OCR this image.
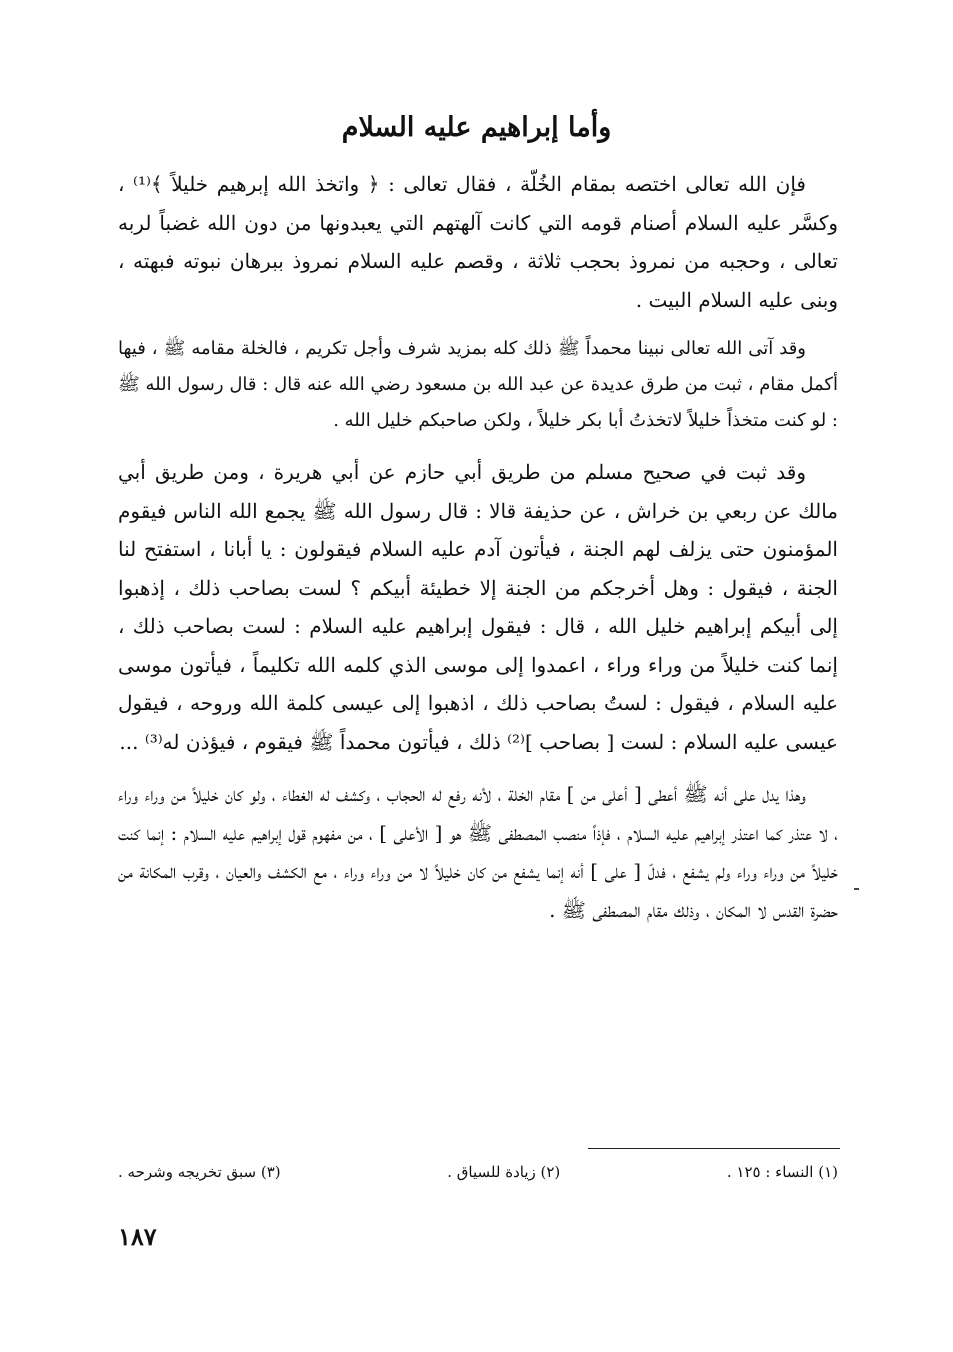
وأما إبراهيم عليه السلام

فإن الله تعالى اختصه بمقام الخُلّة ، فقال تعالى : ﴿ واتخذ الله إبرهيم خليلاً ﴾⁽¹⁾ ، وكسَّر عليه السلام أصنام قومه التي كانت آلهتهم التي يعبدونها من دون الله غضباً لربه تعالى ، وحجبه من نمروذ بحجب ثلاثة ، وقصم عليه السلام نمروذ ببرهان نبوته فبهته ، وبنى عليه السلام البيت .

وقد آتى الله تعالى نبينا محمداً ﷺ ذلك كله بمزيد شرف وأجل تكريم ، فالخلة مقامه ﷺ ، فيها أكمل مقام ، ثبت من طرق عديدة عن عبد الله بن مسعود رضي الله عنه قال : قال رسول الله ﷺ : لو كنت متخذاً خليلاً لاتخذتُ أبا بكر خليلاً ، ولكن صاحبكم خليل الله .

وقد ثبت في صحيح مسلم من طريق أبي حازم عن أبي هريرة ، ومن طريق أبي مالك عن ربعي بن خراش ، عن حذيفة قالا : قال رسول الله ﷺ يجمع الله الناس فيقوم المؤمنون حتى يزلف لهم الجنة ، فيأتون آدم عليه السلام فيقولون : يا أبانا ، استفتح لنا الجنة ، فيقول : وهل أخرجكم من الجنة إلا خطيئة أبيكم ؟ لست بصاحب ذلك ، إذهبوا إلى أبيكم إبراهيم خليل الله ، قال : فيقول إبراهيم عليه السلام : لست بصاحب ذلك ، إنما كنت خليلاً من وراء وراء ، اعمدوا إلى موسى الذي كلمه الله تكليماً ، فيأتون موسى عليه السلام ، فيقول : لستُ بصاحب ذلك ، اذهبوا إلى عيسى كلمة الله وروحه ، فيقول عيسى عليه السلام : لست [ بصاحب ]⁽²⁾ ذلك ، فيأتون محمداً ﷺ فيقوم ، فيؤذن له⁽³⁾ ...

وهذا يدل على أنه ﷺ أعطى [ أعلى من ] مقام الخلة ، لأنه رفع له الحجاب ، وكشف له الغطاء ، ولو كان خليلاً من وراء وراء ، لا عتذر كما اعتذر إبراهيم عليه السلام ، فإذاً منصب المصطفى ﷺ هو [ الأعلى ] ، من مفهوم قول إبراهيم عليه السلام : إنما كنت خليلاً من وراء وراء ولم يشفع ، فدلّ [ على ] أنه إنما يشفع من كان خليلاً لا من وراء وراء ، مع الكشف والعيان ، وقرب المكانة من حضرة القدس لا المكان ، وذلك مقام المصطفى ﷺ .

(١) النساء : ١٢٥ .
(٢) زيادة للسياق .
(٣) سبق تخريجه وشرحه .
١٨٧
